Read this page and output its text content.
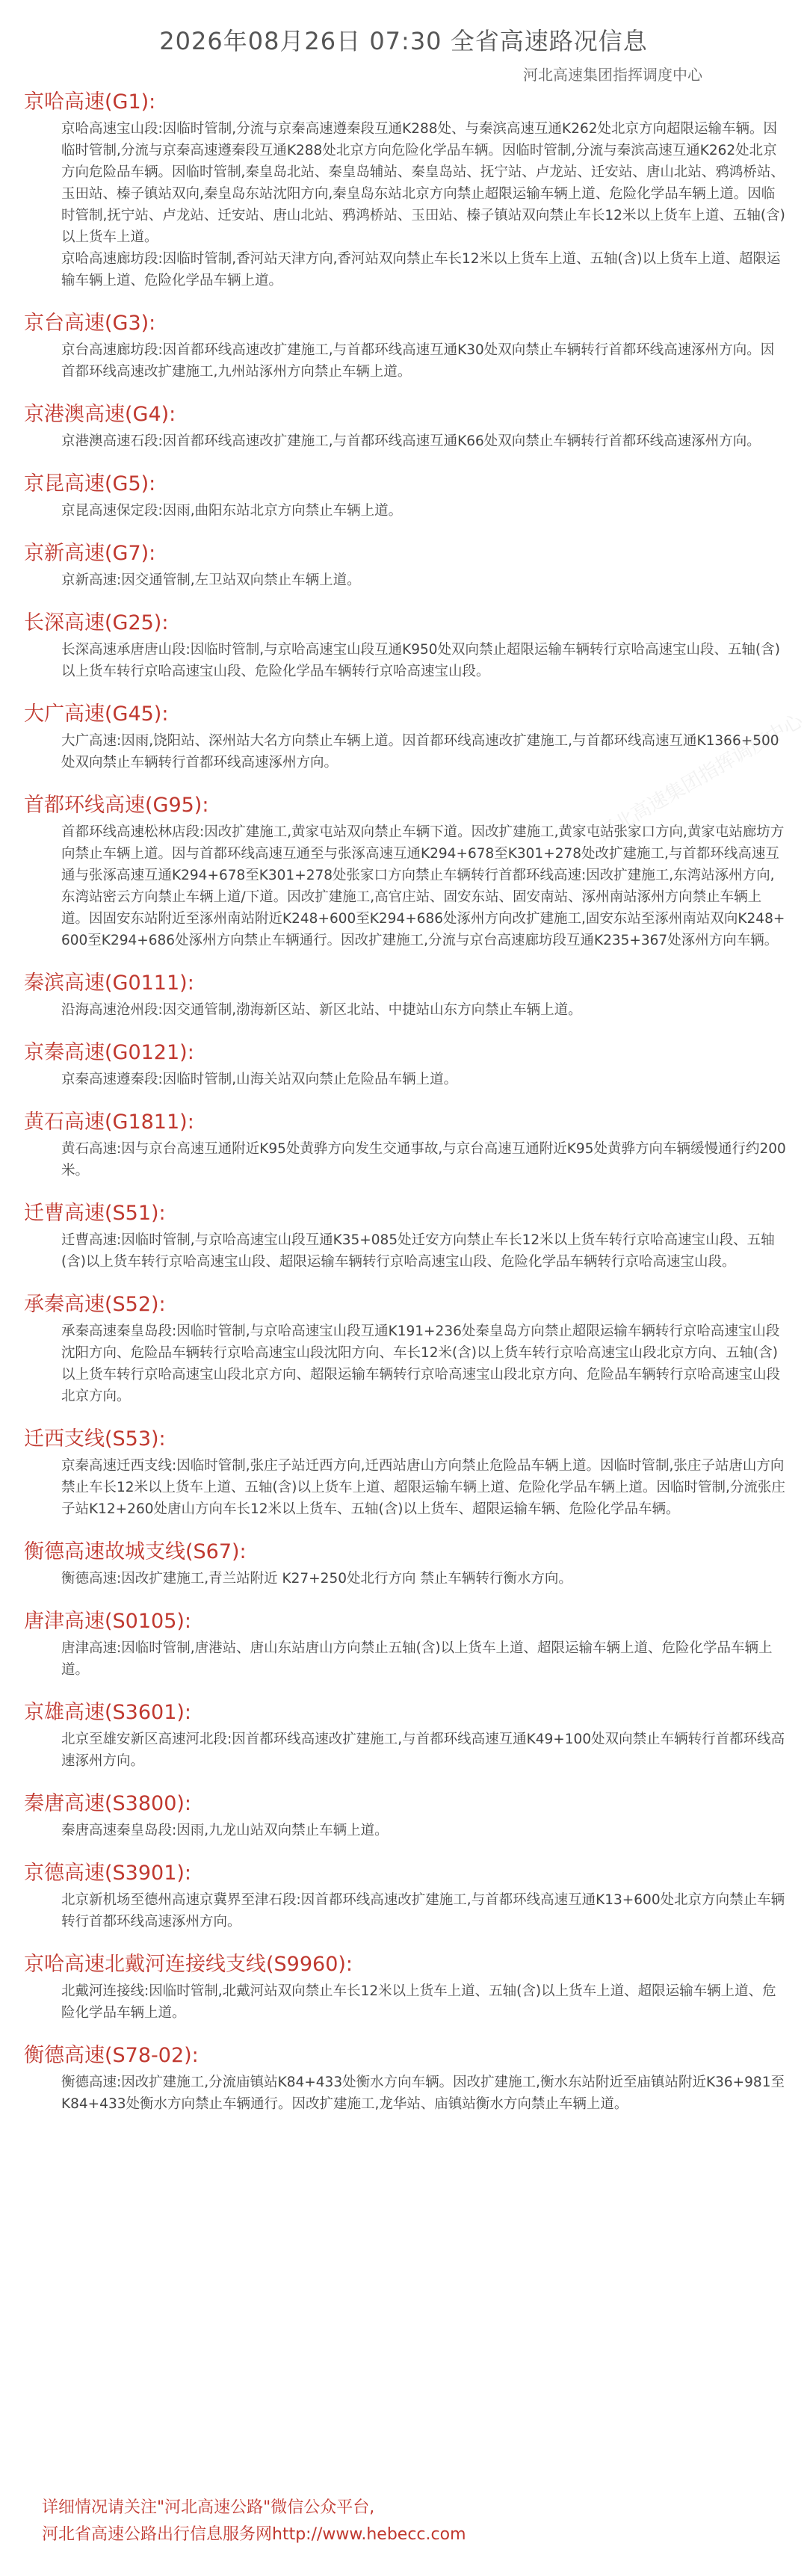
2026年08月26日 07:30 全省高速路况信息
河北高速集团指挥调度中心
河北高速集团指挥调度中心
京哈高速(G1):
京哈高速宝山段:因临时管制,分流与京秦高速遵秦段互通K288处、与秦滨高速互通K262处北京方向超限运输车辆。因临时管制,分流与京秦高速遵秦段互通K288处北京方向危险化学品车辆。因临时管制,分流与秦滨高速互通K262处北京方向危险品车辆。因临时管制,秦皇岛北站、秦皇岛辅站、秦皇岛站、抚宁站、卢龙站、迁安站、唐山北站、鸦鸿桥站、玉田站、榛子镇站双向,秦皇岛东站沈阳方向,秦皇岛东站北京方向禁止超限运输车辆上道、危险化学品车辆上道。因临时管制,抚宁站、卢龙站、迁安站、唐山北站、鸦鸿桥站、玉田站、榛子镇站双向禁止车长12米以上货车上道、五轴(含)以上货车上道。
京哈高速廊坊段:因临时管制,香河站天津方向,香河站双向禁止车长12米以上货车上道、五轴(含)以上货车上道、超限运输车辆上道、危险化学品车辆上道。
京台高速(G3):
京台高速廊坊段:因首都环线高速改扩建施工,与首都环线高速互通K30处双向禁止车辆转行首都环线高速涿州方向。因首都环线高速改扩建施工,九州站涿州方向禁止车辆上道。
京港澳高速(G4):
京港澳高速石段:因首都环线高速改扩建施工,与首都环线高速互通K66处双向禁止车辆转行首都环线高速涿州方向。
京昆高速(G5):
京昆高速保定段:因雨,曲阳东站北京方向禁止车辆上道。
京新高速(G7):
京新高速:因交通管制,左卫站双向禁止车辆上道。
长深高速(G25):
长深高速承唐唐山段:因临时管制,与京哈高速宝山段互通K950处双向禁止超限运输车辆转行京哈高速宝山段、五轴(含)以上货车转行京哈高速宝山段、危险化学品车辆转行京哈高速宝山段。
大广高速(G45):
大广高速:因雨,饶阳站、深州站大名方向禁止车辆上道。因首都环线高速改扩建施工,与首都环线高速互通K1366+500处双向禁止车辆转行首都环线高速涿州方向。
首都环线高速(G95):
首都环线高速松林店段:因改扩建施工,黄家屯站双向禁止车辆下道。因改扩建施工,黄家屯站张家口方向,黄家屯站廊坊方向禁止车辆上道。因与首都环线高速互通至与张涿高速互通K294+678至K301+278处改扩建施工,与首都环线高速互通与张涿高速互通K294+678至K301+278处张家口方向禁止车辆转行首都环线高速:因改扩建施工,东湾站涿州方向,东湾站密云方向禁止车辆上道/下道。因改扩建施工,高官庄站、固安东站、固安南站、涿州南站涿州方向禁止车辆上道。因固安东站附近至涿州南站附近K248+600至K294+686处涿州方向改扩建施工,固安东站至涿州南站双向K248+600至K294+686处涿州方向禁止车辆通行。因改扩建施工,分流与京台高速廊坊段互通K235+367处涿州方向车辆。
秦滨高速(G0111):
沿海高速沧州段:因交通管制,渤海新区站、新区北站、中捷站山东方向禁止车辆上道。
京秦高速(G0121):
京秦高速遵秦段:因临时管制,山海关站双向禁止危险品车辆上道。
黄石高速(G1811):
黄石高速:因与京台高速互通附近K95处黄骅方向发生交通事故,与京台高速互通附近K95处黄骅方向车辆缓慢通行约200米。
迁曹高速(S51):
迁曹高速:因临时管制,与京哈高速宝山段互通K35+085处迁安方向禁止车长12米以上货车转行京哈高速宝山段、五轴(含)以上货车转行京哈高速宝山段、超限运输车辆转行京哈高速宝山段、危险化学品车辆转行京哈高速宝山段。
承秦高速(S52):
承秦高速秦皇岛段:因临时管制,与京哈高速宝山段互通K191+236处秦皇岛方向禁止超限运输车辆转行京哈高速宝山段沈阳方向、危险品车辆转行京哈高速宝山段沈阳方向、车长12米(含)以上货车转行京哈高速宝山段北京方向、五轴(含)以上货车转行京哈高速宝山段北京方向、超限运输车辆转行京哈高速宝山段北京方向、危险品车辆转行京哈高速宝山段北京方向。
迁西支线(S53):
京秦高速迁西支线:因临时管制,张庄子站迁西方向,迁西站唐山方向禁止危险品车辆上道。因临时管制,张庄子站唐山方向禁止车长12米以上货车上道、五轴(含)以上货车上道、超限运输车辆上道、危险化学品车辆上道。因临时管制,分流张庄子站K12+260处唐山方向车长12米以上货车、五轴(含)以上货车、超限运输车辆、危险化学品车辆。
衡德高速故城支线(S67):
衡德高速:因改扩建施工,青兰站附近 K27+250处北行方向 禁止车辆转行衡水方向。
唐津高速(S0105):
唐津高速:因临时管制,唐港站、唐山东站唐山方向禁止五轴(含)以上货车上道、超限运输车辆上道、危险化学品车辆上道。
京雄高速(S3601):
北京至雄安新区高速河北段:因首都环线高速改扩建施工,与首都环线高速互通K49+100处双向禁止车辆转行首都环线高速涿州方向。
秦唐高速(S3800):
秦唐高速秦皇岛段:因雨,九龙山站双向禁止车辆上道。
京德高速(S3901):
北京新机场至德州高速京冀界至津石段:因首都环线高速改扩建施工,与首都环线高速互通K13+600处北京方向禁止车辆转行首都环线高速涿州方向。
京哈高速北戴河连接线支线(S9960):
北戴河连接线:因临时管制,北戴河站双向禁止车长12米以上货车上道、五轴(含)以上货车上道、超限运输车辆上道、危险化学品车辆上道。
衡德高速(S78-02):
衡德高速:因改扩建施工,分流庙镇站K84+433处衡水方向车辆。因改扩建施工,衡水东站附近至庙镇站附近K36+981至K84+433处衡水方向禁止车辆通行。因改扩建施工,龙华站、庙镇站衡水方向禁止车辆上道。
详细情况请关注"河北高速公路"微信公众平台,
河北省高速公路出行信息服务网http://www.hebecc.com
